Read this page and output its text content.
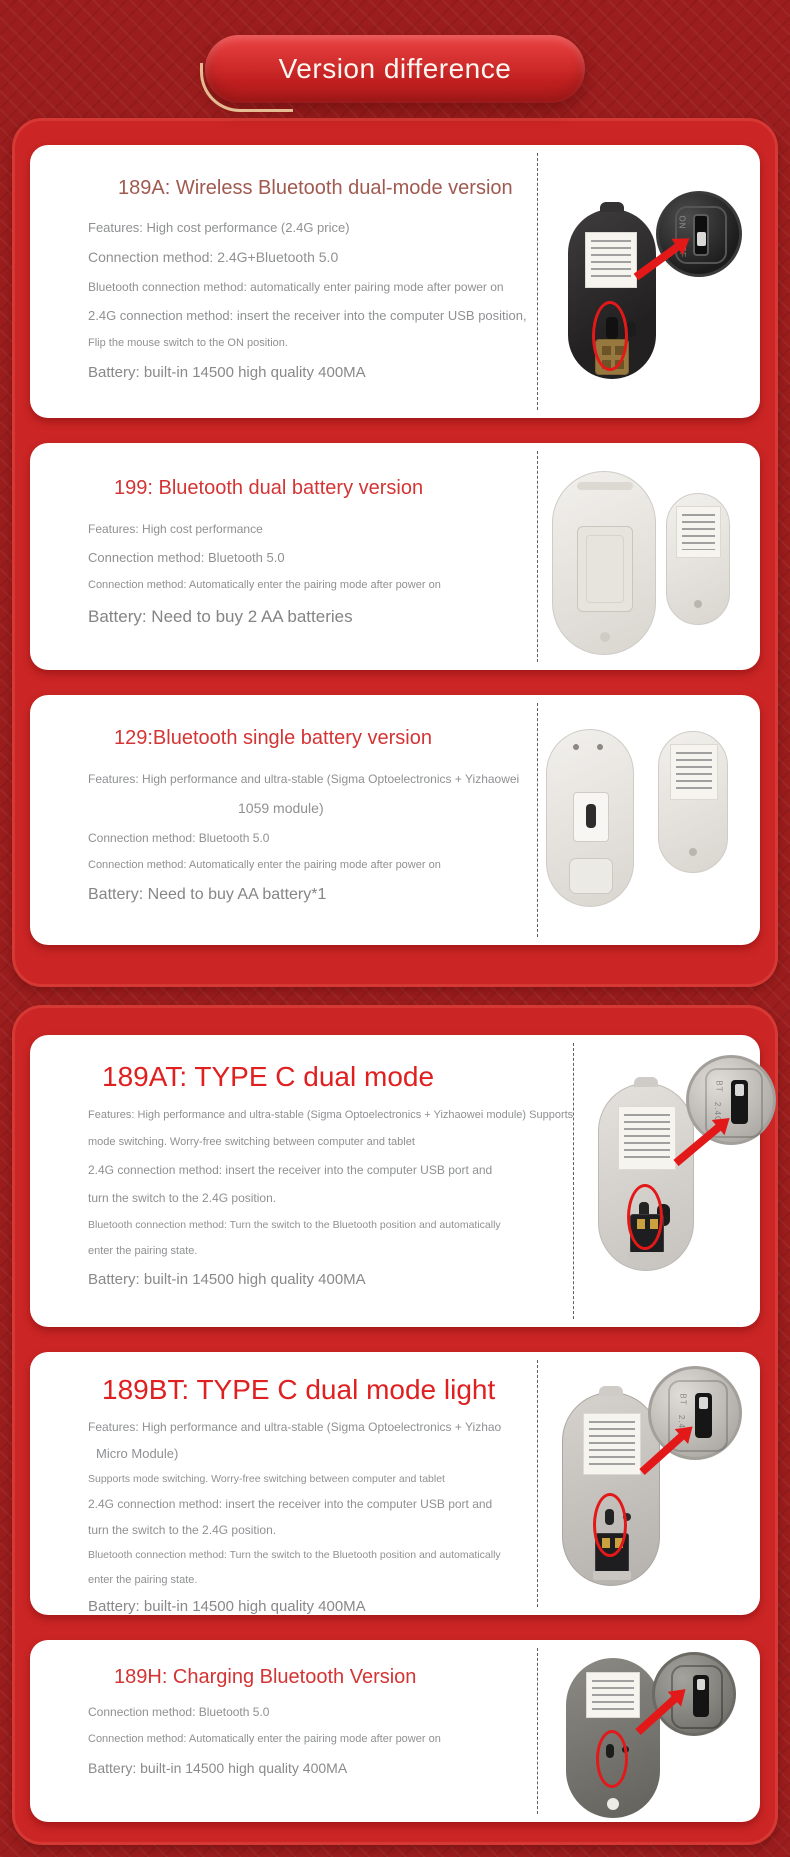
Version difference
189A: Wireless Bluetooth dual-mode version

Features: High cost performance (2.4G price)

Connection method: 2.4G+Bluetooth 5.0

Bluetooth connection method: automatically enter pairing mode after power on

2.4G connection method: insert the receiver into the computer USB position,

Flip the mouse switch to the ON position.

Battery: built-in 14500 high quality 400MA

ON
199: Bluetooth dual battery version

Features: High cost performance

Connection method: Bluetooth 5.0

Connection method: Automatically enter the pairing mode after power on

Battery: Need to buy 2 AA batteries

129:Bluetooth single battery version

Features: High performance and ultra-stable (Sigma Optoelectronics + Yizhaowei

1059 module)

Connection method: Bluetooth 5.0

Connection method: Automatically enter the pairing mode after power on

Battery: Need to buy AA battery*1

189AT: TYPE C dual mode

Features: High performance and ultra-stable (Sigma Optoelectronics + Yizhaowei module) Supports

mode switching. Worry-free switching between computer and tablet

2.4G connection method: insert the receiver into the computer USB port and

turn the switch to the 2.4G position.

Bluetooth connection method: Turn the switch to the Bluetooth position and automatically

enter the pairing state.

Battery: built-in 14500 high quality 400MA

BT
2.4G
189BT: TYPE C dual mode light

Features: High performance and ultra-stable (Sigma Optoelectronics + Yizhao

Micro Module)

Supports mode switching. Worry-free switching between computer and tablet

2.4G connection method: insert the receiver into the computer USB port and

turn the switch to the 2.4G position.

Bluetooth connection method: Turn the switch to the Bluetooth position and automatically

enter the pairing state.

Battery: built-in 14500 high quality 400MA

BT
189H: Charging Bluetooth Version

Connection method: Bluetooth 5.0

Connection method: Automatically enter the pairing mode after power on

Battery: built-in 14500 high quality 400MA
